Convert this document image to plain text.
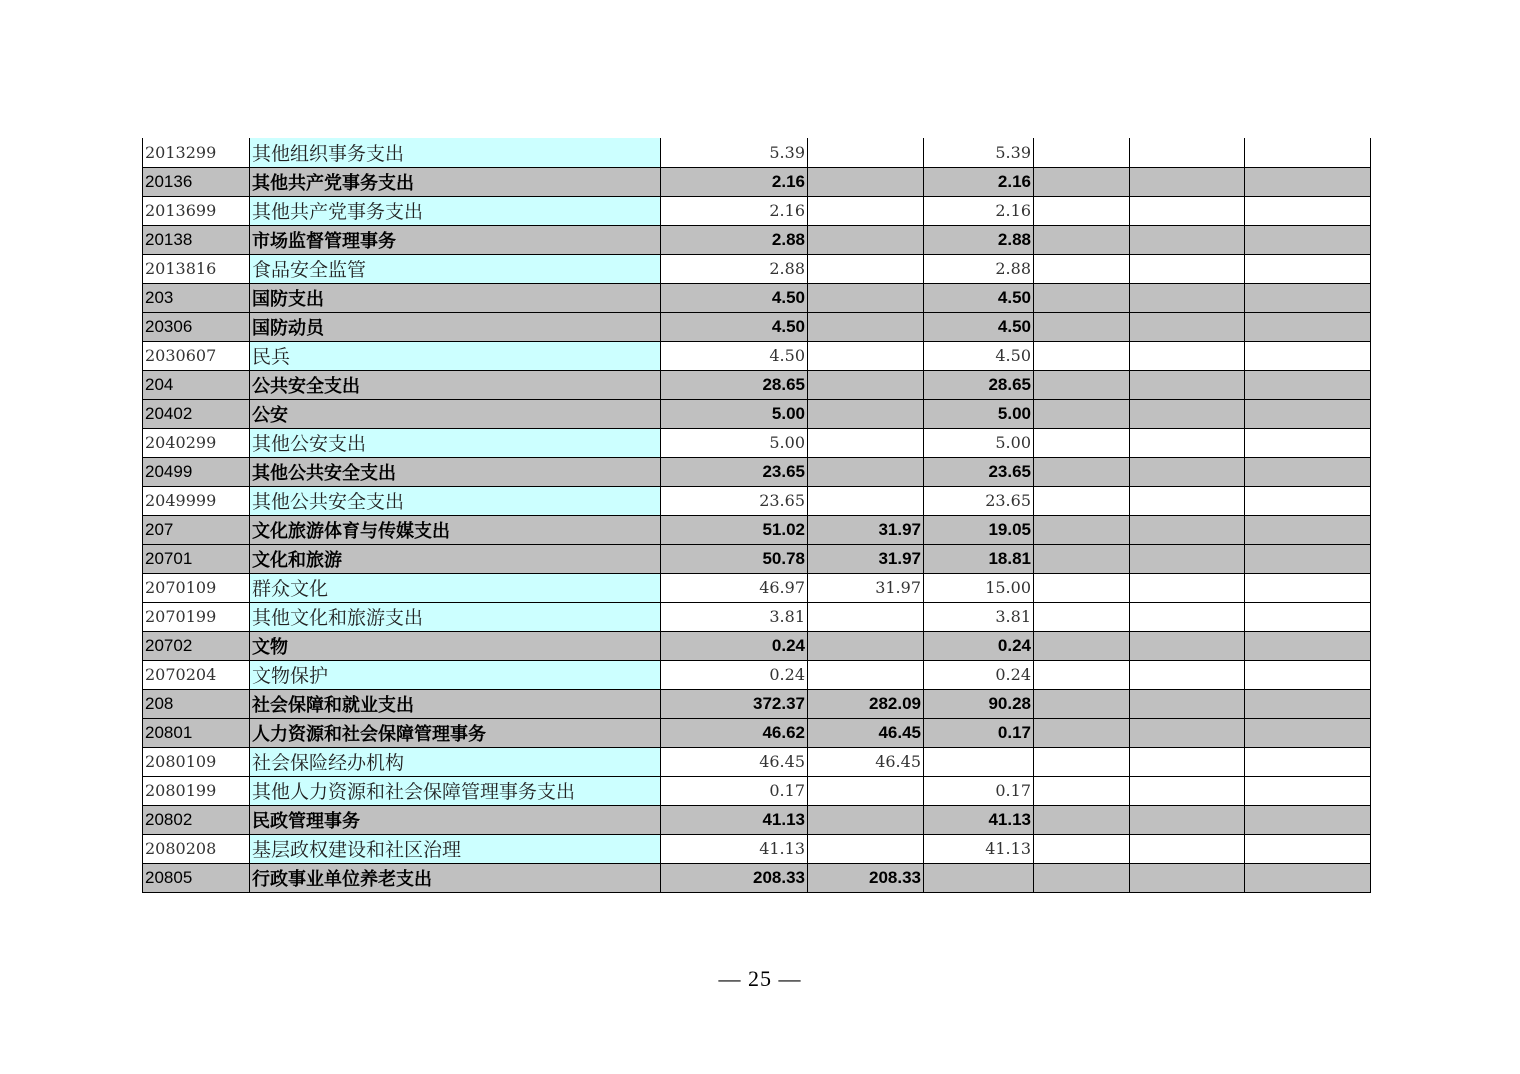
2013299	其他组织事务支出	5.39		5.39			
20136	其他共产党事务支出	2.16		2.16			
2013699	其他共产党事务支出	2.16		2.16			
20138	市场监督管理事务	2.88		2.88			
2013816	食品安全监管	2.88		2.88			
203	国防支出	4.50		4.50			
20306	国防动员	4.50		4.50			
2030607	民兵	4.50		4.50			
204	公共安全支出	28.65		28.65			
20402	公安	5.00		5.00			
2040299	其他公安支出	5.00		5.00			
20499	其他公共安全支出	23.65		23.65			
2049999	其他公共安全支出	23.65		23.65			
207	文化旅游体育与传媒支出	51.02	31.97	19.05			
20701	文化和旅游	50.78	31.97	18.81			
2070109	群众文化	46.97	31.97	15.00			
2070199	其他文化和旅游支出	3.81		3.81			
20702	文物	0.24		0.24			
2070204	文物保护	0.24		0.24			
208	社会保障和就业支出	372.37	282.09	90.28			
20801	人力资源和社会保障管理事务	46.62	46.45	0.17			
2080109	社会保险经办机构	46.45	46.45				
2080199	其他人力资源和社会保障管理事务支出	0.17		0.17			
20802	民政管理事务	41.13		41.13			
2080208	基层政权建设和社区治理	41.13		41.13			
20805	行政事业单位养老支出	208.33	208.33				
— 25 —
